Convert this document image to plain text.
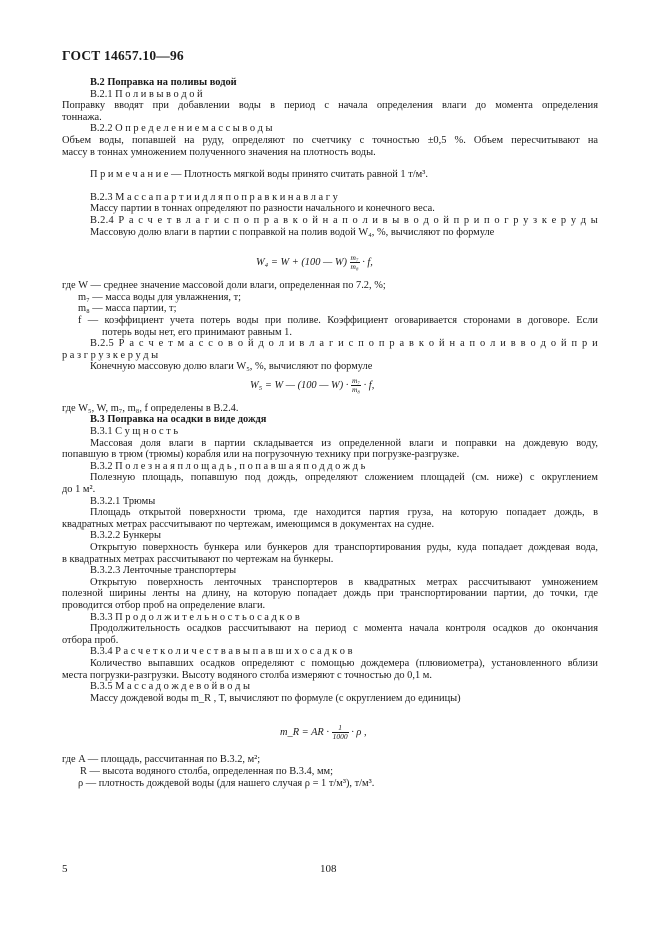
ГОСТ 14657.10—96

В.2 Поправка на поливы водой

В.2.1 П о л и в ы в о д о й

Поправку вводят при добавлении воды в период с начала определения влаги до момента определения

тоннажа.

В.2.2 О п р е д е л е н и е м а с с ы в о д ы

Объем воды, попавшей на руду, определяют по счетчику с точностью ±0,5 %. Объем пересчитывают на

массу в тоннах умножением полученного значения на плотность воды.

П р и м е ч а н и е — Плотность мягкой воды принято считать равной 1 т/м³.

В.2.3 М а с с а п а р т и и д л я п о п р а в к и н а в л а г у

Массу партии в тоннах определяют по разности начального и конечного веса.

В.2.4 Р а с ч е т в л а г и с п о п р а в к о й н а п о л и в ы в о д о й п р и п о г р у з к е р у д ы

Массовую долю влаги в партии с поправкой на полив водой W₄, %, вычисляют по формуле

W₄ = W + (100 — $W) \frac{\text{m₇}}{\text{m₈}} \cdot f$,

где W — среднее значение массовой доли влаги, определенная по 7.2, %;

m₇ — масса воды для увлажнения, т;

m₈ — масса партии, т;

f — коэффициент учета потерь воды при поливе. Коэффициент оговаривается сторонами в договоре. Если

потерь воды нет, его принимают равным 1.

В.2.5 Р а с ч е т м а с с о в о й д о л и в л а г и с п о п р а в к о й н а п о л и в в о д о й п р и

р а з г р у з к е р у д ы

Конечную массовую долю влаги W₅, %, вычисляют по формуле

W₅ = W — (100 — $W) \cdot \frac{\text{m₇}}{\text{m₈}} \cdot f$,

где W₅, W, m₇, m₈, f определены в В.2.4.

В.3 Поправка на осадки в виде дождя

В.3.1 С у щ н о с т ь

Массовая доля влаги в партии складывается из определенной влаги и поправки на дождевую воду,

попавшую в трюм (трюмы) корабля или на погрузочную технику при погрузке-разгрузке.

В.3.2 П о л е з н а я п л о щ а д ь , п о п а в ш а я п о д д о ж д ь

Полезную площадь, попавшую под дождь, определяют сложением площадей (см. ниже) с округлением

до 1 м².

В.3.2.1 Трюмы

Площадь открытой поверхности трюма, где находится партия груза, на которую попадает дождь, в

квадратных метрах рассчитывают по чертежам, имеющимся в документах на судне.

В.3.2.2 Бункеры

Открытую поверхность бункера или бункеров для транспортирования руды, куда попадает дождевая вода,

в квадратных метрах рассчитывают по чертежам на бункеры.

В.3.2.3 Ленточные транспортеры

Открытую поверхность ленточных транспортеров в квадратных метрах рассчитывают умножением

полезной ширины ленты на длину, на которую попадает дождь при транспортировании партии, до точки, где

проводится отбор проб на определение влаги.

В.3.3 П р о д о л ж и т е л ь н о с т ь о с а д к о в

Продолжительность осадков рассчитывают на период с момента начала контроля осадков до окончания

отбора проб.

В.3.4 Р а с ч е т к о л и ч е с т в а в ы п а в ш и х о с а д к о в

Количество выпавших осадков определяют с помощью дождемера (плювиометра), установленного вблизи

места погрузки-разгрузки. Высоту водяного столба измеряют с точностью до 0,1 м.

В.3.5 М а с с а д о ж д е в о й в о д ы

Массу дождевой воды m_R , T, вычисляют по формуле (с округлением до единицы)

m_R = AR · $\frac{1}{1000} \cdot \rho$ ,

где A — площадь, рассчитанная по В.3.2, м²;

R — высота водяного столба, определенная по В.3.4, мм;

ρ — плотность дождевой воды (для нашего случая ρ = 1 т/м³), т/м³.

5	108
